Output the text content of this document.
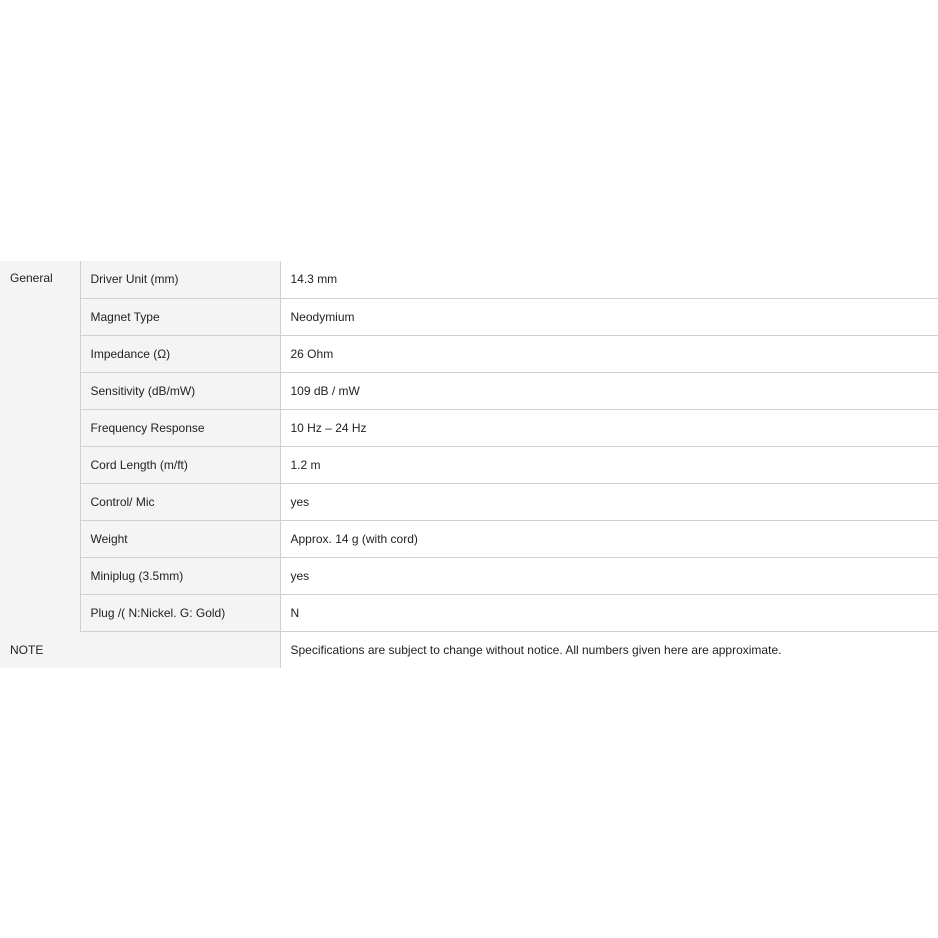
General	Driver Unit (mm)	14.3 mm
	Magnet Type	Neodymium
	Impedance (Ω)	26 Ohm
	Sensitivity (dB/mW)	109 dB / mW
	Frequency Response	10 Hz – 24 Hz
	Cord Length (m/ft)	1.2 m
	Control/ Mic	yes
	Weight	Approx. 14 g (with cord)
	Miniplug (3.5mm)	yes
	Plug /( N:Nickel. G: Gold)	N
NOTE		Specifications are subject to change without notice. All numbers given here are approximate.
